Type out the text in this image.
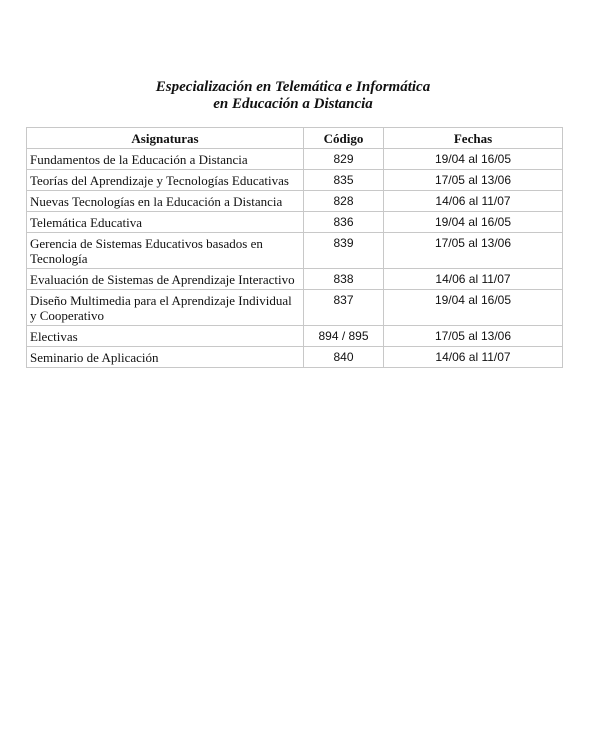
Especialización en Telemática e Informática
en Educación a Distancia
Asignaturas	Código	Fechas
Fundamentos de la Educación a Distancia	829	19/04 al 16/05
Teorías del Aprendizaje y Tecnologías Educativas	835	17/05 al 13/06
Nuevas Tecnologías en la Educación a Distancia	828	14/06 al 11/07
Telemática Educativa	836	19/04 al 16/05
Gerencia de Sistemas Educativos basados en Tecnología	839	17/05 al 13/06
Evaluación de Sistemas de Aprendizaje Interactivo	838	14/06 al 11/07
Diseño Multimedia para el Aprendizaje Individual y Cooperativo	837	19/04 al 16/05
Electivas	894 / 895	17/05 al 13/06
Seminario de Aplicación	840	14/06 al 11/07
